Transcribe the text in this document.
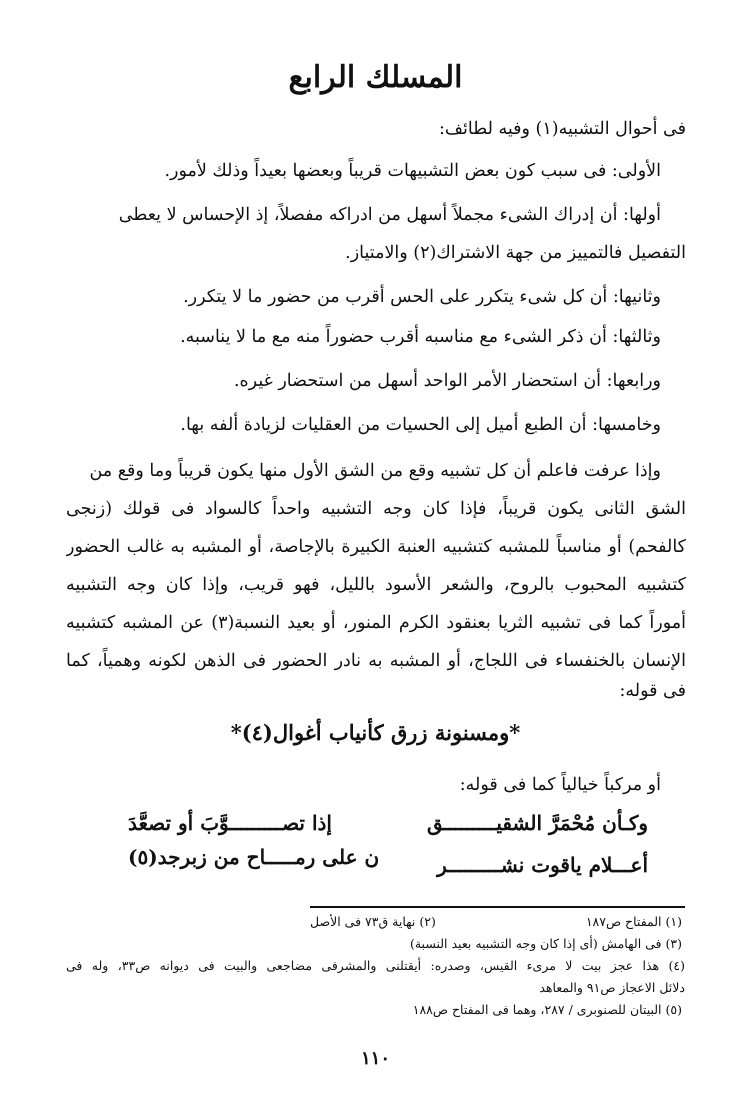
المسلك الرابع
فى أحوال التشبيه(١) وفيه لطائف:
الأولى: فى سبب كون بعض التشبيهات قريباً وبعضها بعيداً وذلك لأمور.
أولها: أن إدراك الشىء مجملاً أسهل من ادراكه مفصلاً، إذ الإحساس لا يعطى
التفصيل فالتمييز من جهة الاشتراك(٢) والامتياز.
وثانيها: أن كل شىء يتكرر على الحس أقرب من حضور ما لا يتكرر.
وثالثها: أن ذكر الشىء مع مناسبه أقرب حضوراً منه مع ما لا يناسبه.
ورابعها: أن استحضار الأمر الواحد أسهل من استحضار غيره.
وخامسها: أن الطبع أميل إلى الحسيات من العقليات لزيادة ألفه بها.
وإذا عرفت فاعلم أن كل تشبيه وقع من الشق الأول منها يكون قريباً وما وقع من
الشق الثانى يكون قريباً، فإذا كان وجه التشبيه واحداً كالسواد فى قولك (زنجى
كالفحم) أو مناسباً للمشبه كتشبيه العنبة الكبيرة بالإجاصة، أو المشبه به غالب الحضور
كتشبيه المحبوب بالروح، والشعر الأسود بالليل، فهو قريب، وإذا كان وجه التشبيه
أموراً كما فى تشبيه الثريا بعنقود الكرم المنور، أو بعيد النسبة(٣) عن المشبه كتشبيه
الإنسان بالخنفساء فى اللجاج، أو المشبه به نادر الحضور فى الذهن لكونه وهمياً، كما
فى قوله:
*ومسنونة زرق كأنياب أغوال(٤)*
أو مركباً خيالياً كما فى قوله:
وكـأن مُحْمَرَّ الشقيـــــــــق
إذا تصـــــــــوَّبَ أو تصعَّدَ
أعـــلام ياقوت نشـــــــــر
ن على رمـــــاح من زبرجد(٥)
(١) المفتاح ص١٨٧
(٢) نهاية ق٧٣ فى الأصل
(٣) فى الهامش (أى إذا كان وجه التشبيه بعيد النسبة)
(٤) هذا عجز بيت لا مرىء القيس، وصدره: أيقتلنى والمشرفى مضاجعى والبيت فى ديوانه ص٣٣، وله فى
دلائل الاعجاز ص٩١ والمعاهد
(٥) البيتان للصنوبرى / ٢٨٧، وهما فى المفتاح ص١٨٨
١١٠
